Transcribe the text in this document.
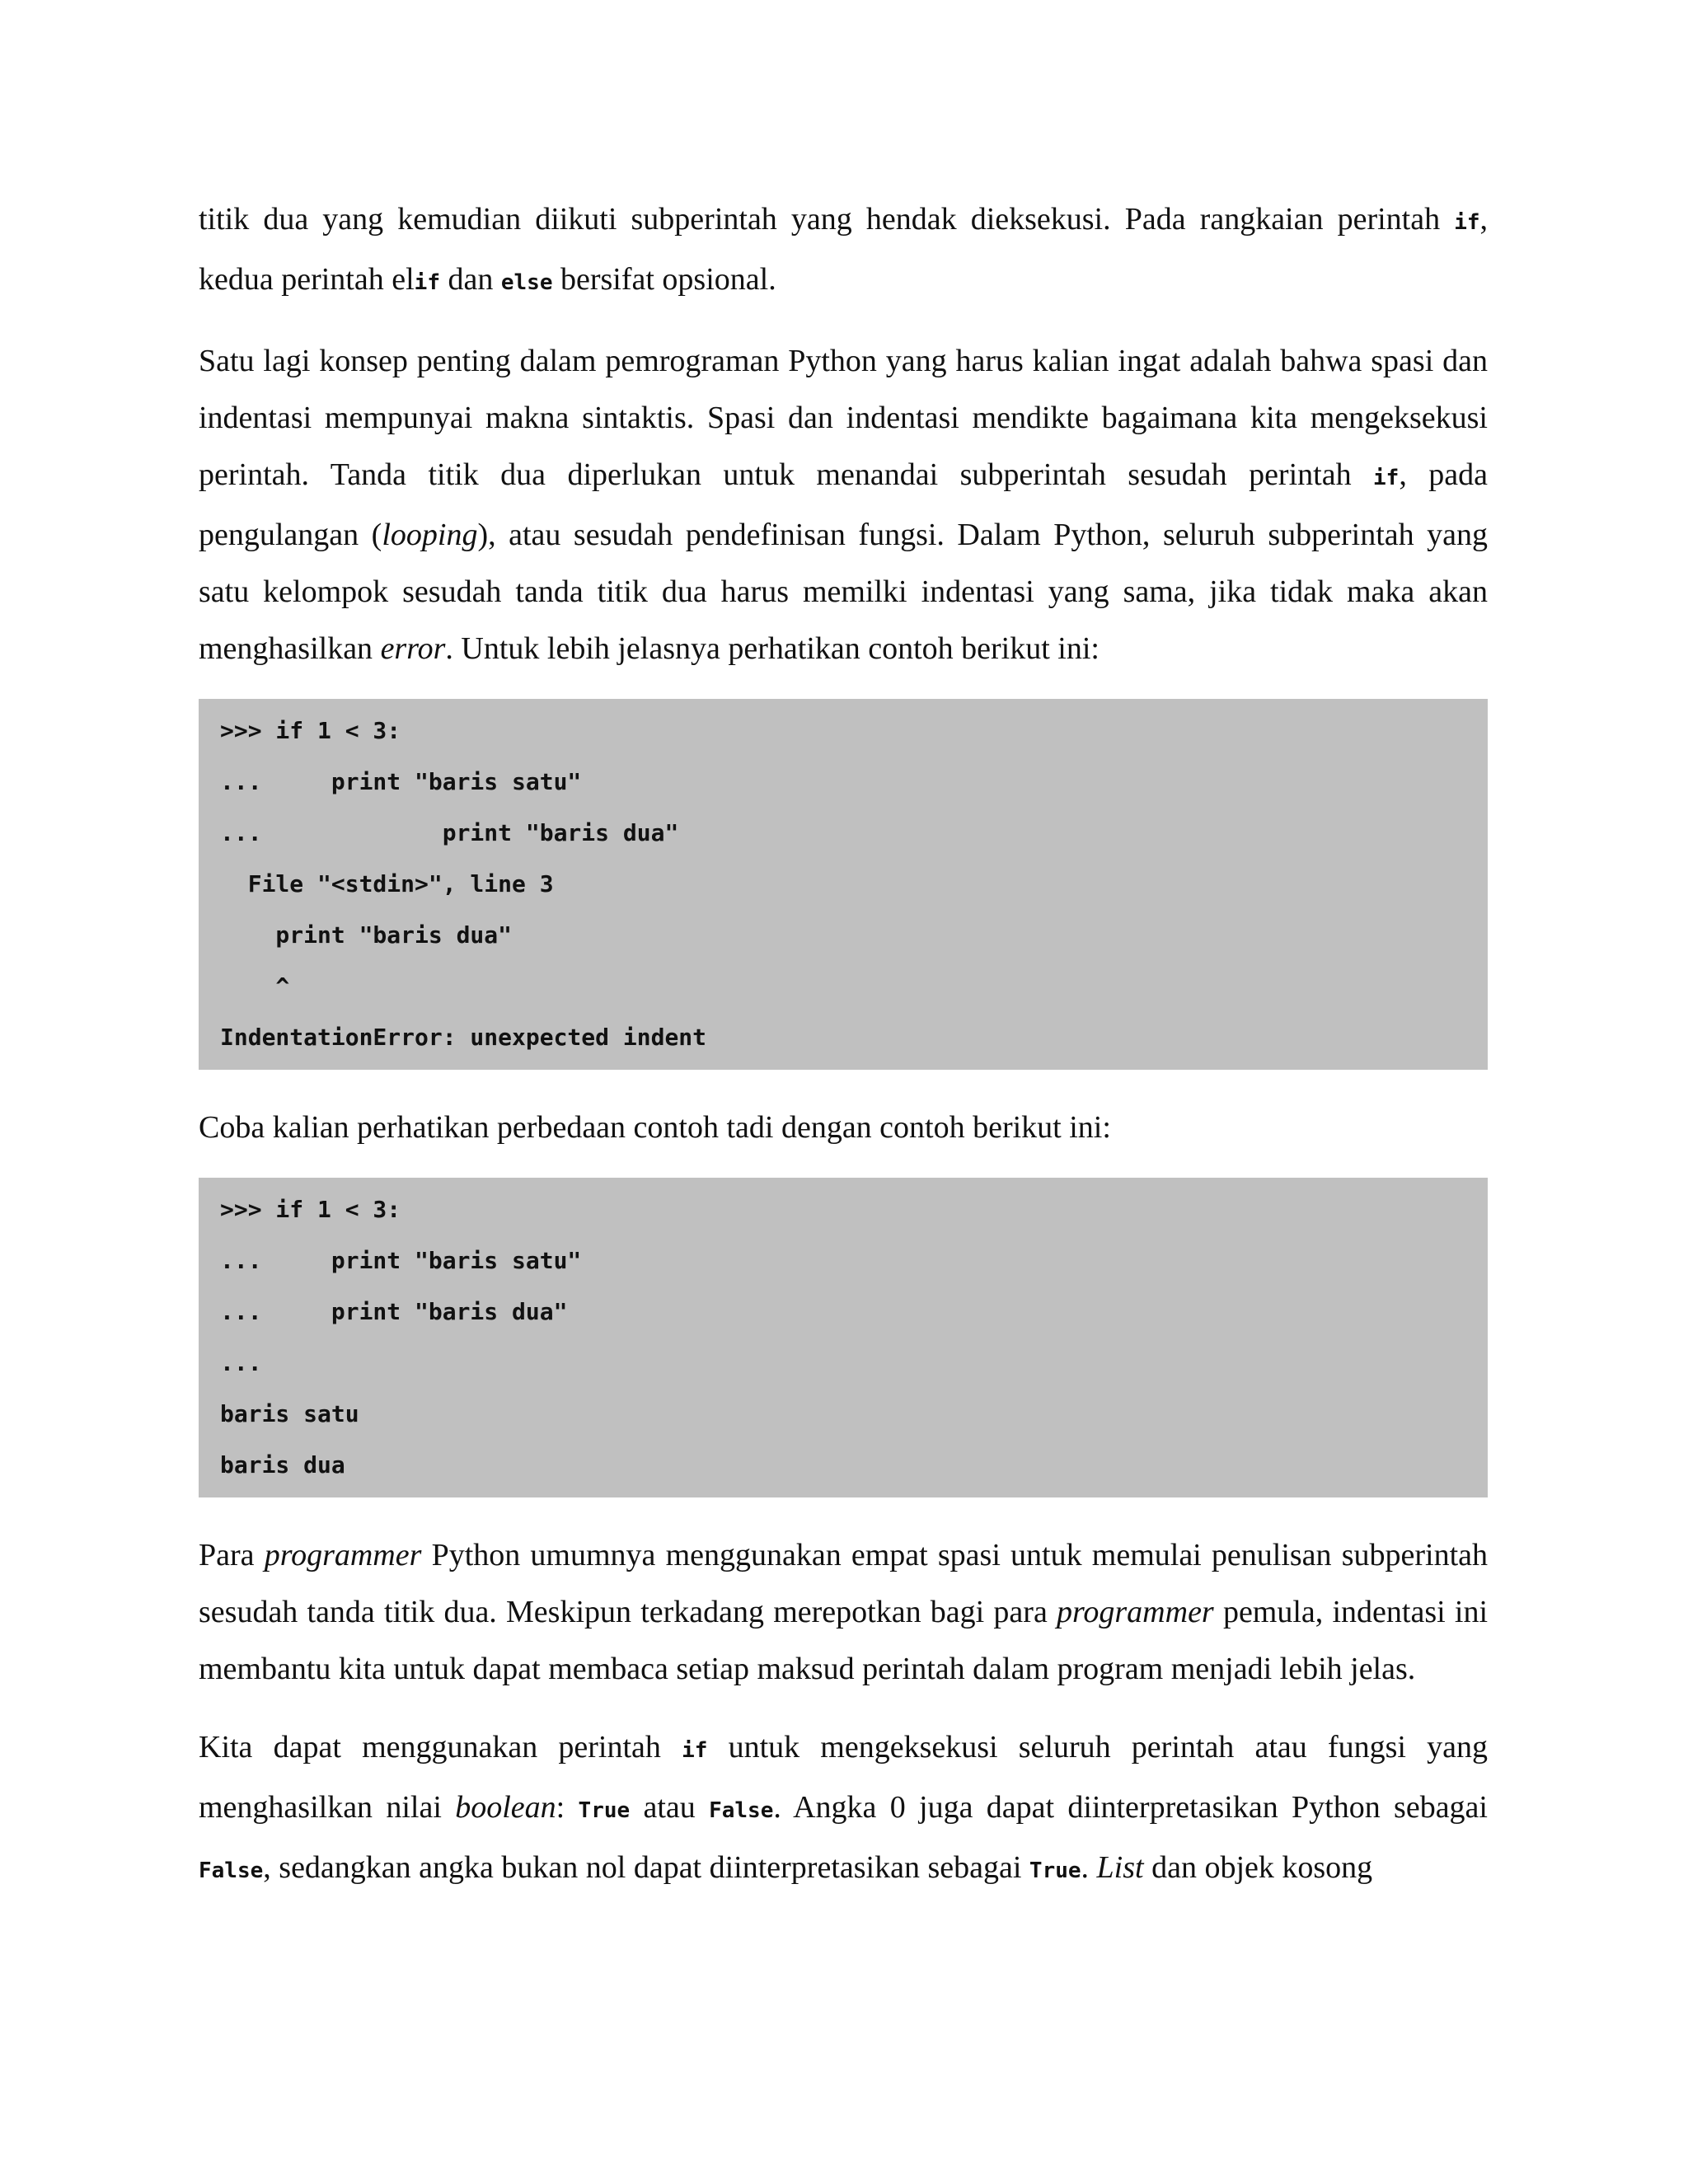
titik dua yang kemudian diikuti subperintah yang hendak dieksekusi. Pada rangkaian perintah if, kedua perintah elif dan else bersifat opsional.

Satu lagi konsep penting dalam pemrograman Python yang harus kalian ingat adalah bahwa spasi dan indentasi mempunyai makna sintaktis. Spasi dan indentasi mendikte bagaimana kita mengeksekusi perintah. Tanda titik dua diperlukan untuk menandai subperintah sesudah perintah if, pada pengulangan (looping), atau sesudah pendefinisan fungsi. Dalam Python, seluruh subperintah yang satu kelompok sesudah tanda titik dua harus memilki indentasi yang sama, jika tidak maka akan menghasilkan error. Untuk lebih jelasnya perhatikan contoh berikut ini:

>>> if 1 < 3:
...     print "baris satu"
...             print "baris dua"
File "<stdin>", line 3
print "baris dua"
^
IndentationError: unexpected indent

Coba kalian perhatikan perbedaan contoh tadi dengan contoh berikut ini:

>>> if 1 < 3:
...     print "baris satu"
...     print "baris dua"
...
baris satu
baris dua

Para programmer Python umumnya menggunakan empat spasi untuk memulai penulisan subperintah sesudah tanda titik dua. Meskipun terkadang merepotkan bagi para programmer pemula, indentasi ini membantu kita untuk dapat membaca setiap maksud perintah dalam program menjadi lebih jelas.

Kita dapat menggunakan perintah if untuk mengeksekusi seluruh perintah atau fungsi yang menghasilkan nilai boolean: True atau False. Angka 0 juga dapat diinterpretasikan Python sebagai False, sedangkan angka bukan nol dapat diinterpretasikan sebagai True. List dan objek kosong
